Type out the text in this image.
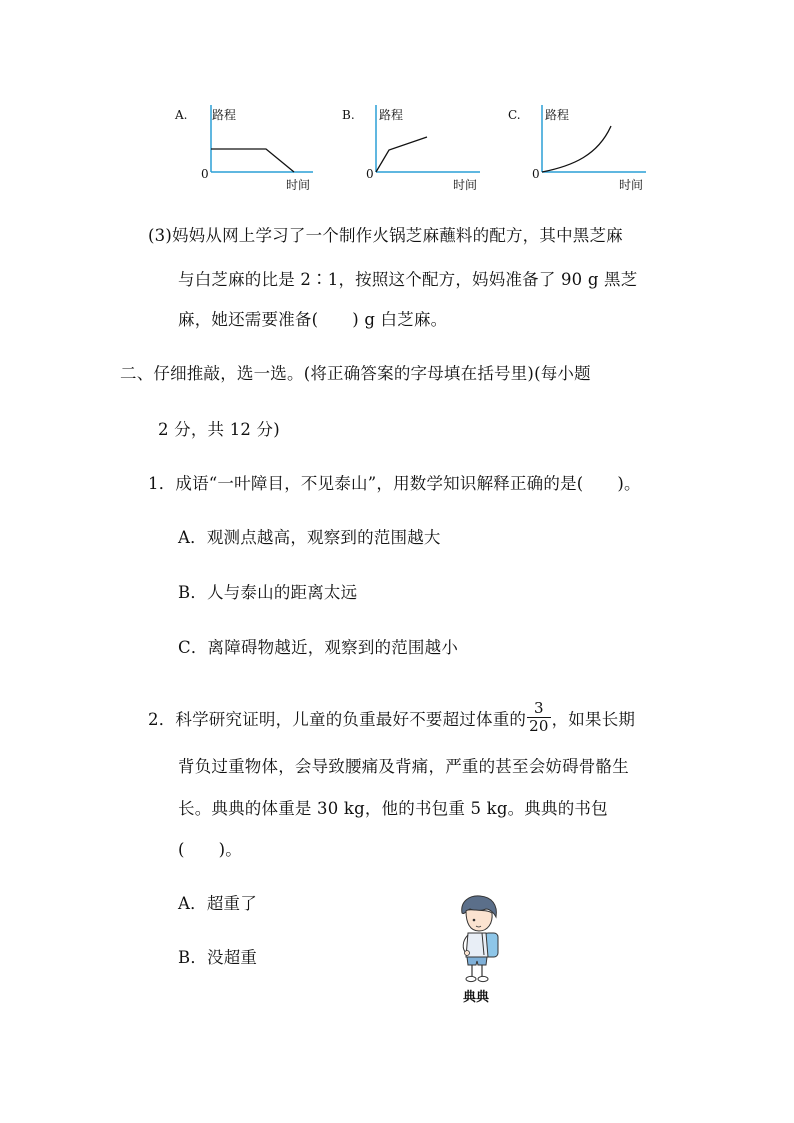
A. 路程
0
时间
B. 路程
0
时间
C. 路程
0
时间
(3)妈妈从网上学习了一个制作火锅芝麻蘸料的配方，其中黑芝麻
与白芝麻的比是 2∶1，按照这个配方，妈妈准备了 90 g 黑芝
麻，她还需要准备( ) g 白芝麻。
二、仔细推敲，选一选。(将正确答案的字母填在括号里)(每小题
2 分，共 12 分)
1．成语“一叶障目，不见泰山”，用数学知识解释正确的是( )。
A．观测点越高，观察到的范围越大
B．人与泰山的距离太远
C．离障碍物越近，观察到的范围越小
2．科学研究证明，儿童的负重最好不要超过体重的 $\frac{3}{20}$ ，如果长期
背负过重物体，会导致腰痛及背痛，严重的甚至会妨碍骨骼生
长。典典的体重是 30 kg，他的书包重 5 kg。典典的书包
( )。
A．超重了
B．没超重
典典
